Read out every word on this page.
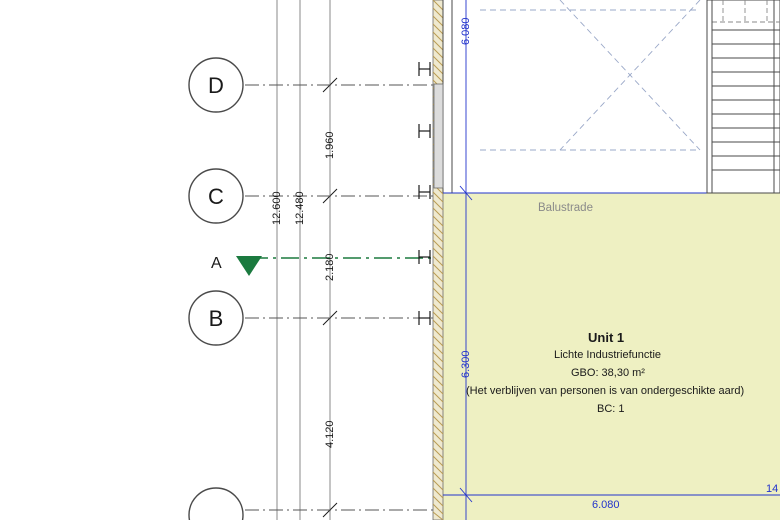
D
C
B
A
12.600 12.480
1.960
2.180
4.120
6.080
6.300
6.080
14
Balustrade
Unit 1
Lichte Industriefunctie
GBO: 38,30 m²
(Het verblijven van personen is van ondergeschikte aard)
BC: 1
